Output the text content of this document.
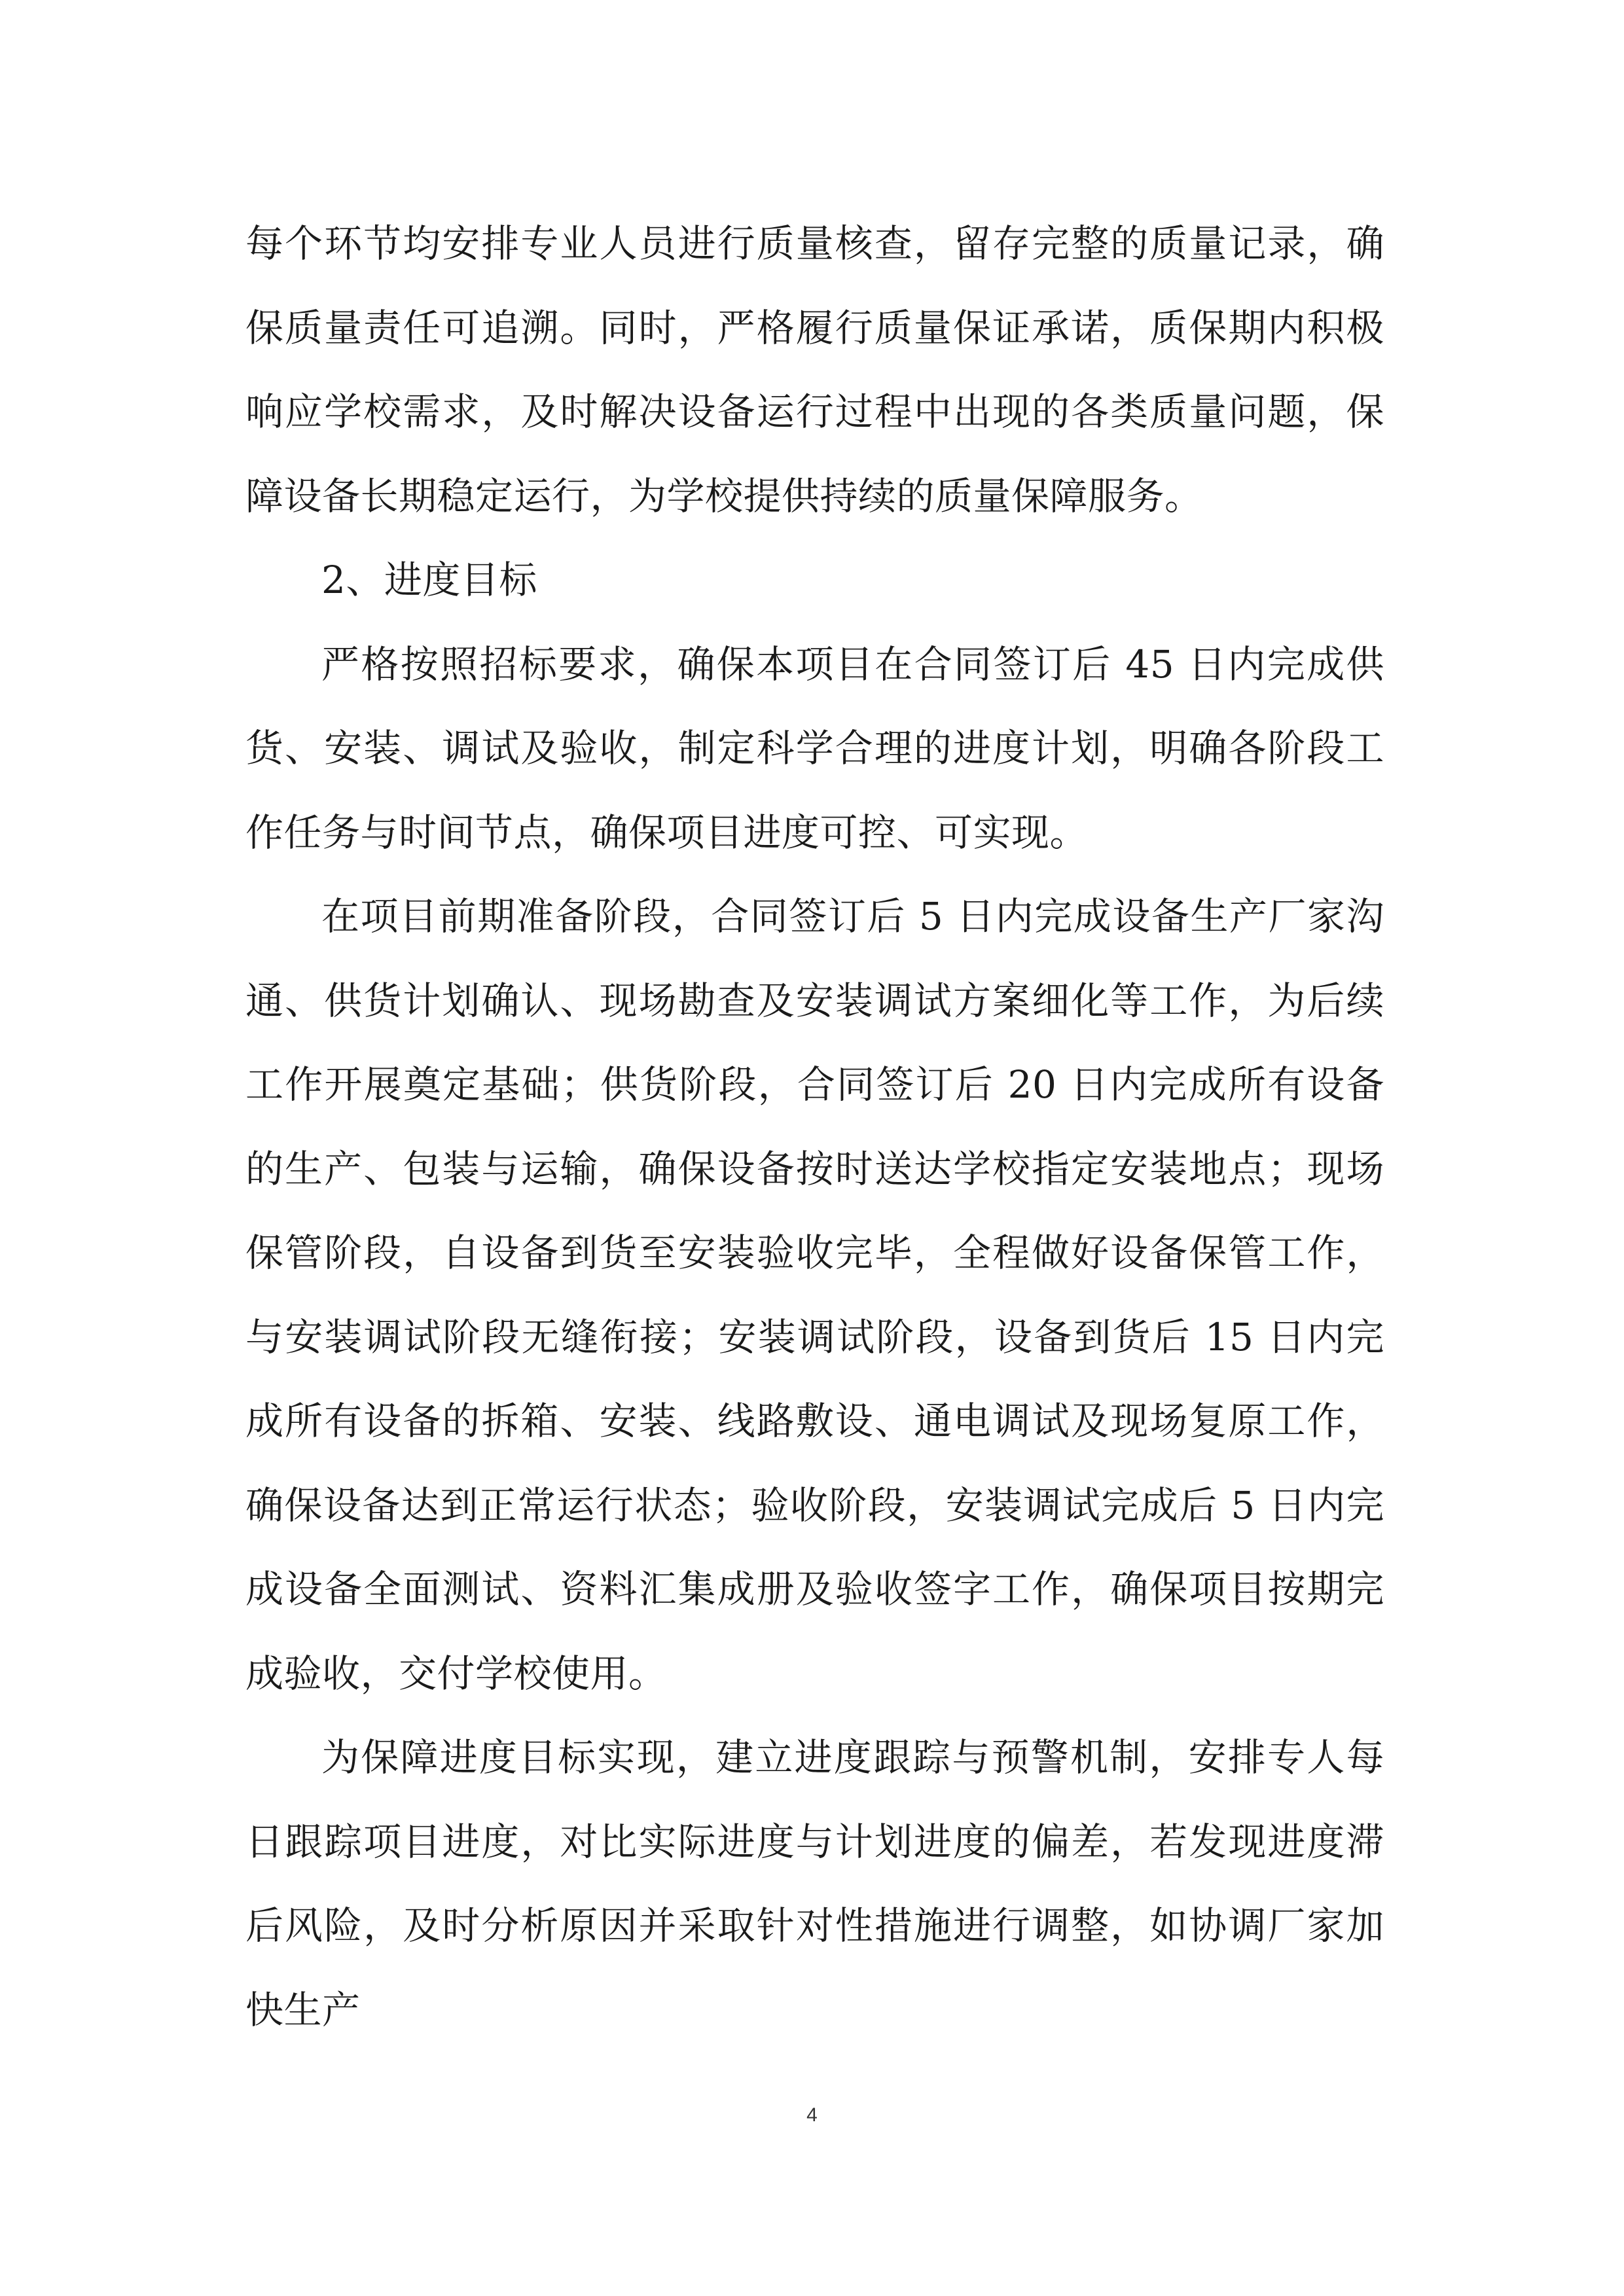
每个环节均安排专业人员进行质量核查，留存完整的质量记录，确保质量责任可追溯。同时，严格履行质量保证承诺，质保期内积极响应学校需求，及时解决设备运行过程中出现的各类质量问题，保障设备长期稳定运行，为学校提供持续的质量保障服务。

2、进度目标

严格按照招标要求，确保本项目在合同签订后 45 日内完成供货、安装、调试及验收，制定科学合理的进度计划，明确各阶段工作任务与时间节点，确保项目进度可控、可实现。

在项目前期准备阶段，合同签订后 5 日内完成设备生产厂家沟通、供货计划确认、现场勘查及安装调试方案细化等工作，为后续工作开展奠定基础；供货阶段，合同签订后 20 日内完成所有设备的生产、包装与运输，确保设备按时送达学校指定安装地点；现场保管阶段，自设备到货至安装验收完毕，全程做好设备保管工作，与安装调试阶段无缝衔接；安装调试阶段，设备到货后 15 日内完成所有设备的拆箱、安装、线路敷设、通电调试及现场复原工作，确保设备达到正常运行状态；验收阶段，安装调试完成后 5 日内完成设备全面测试、资料汇集成册及验收签字工作，确保项目按期完成验收，交付学校使用。

为保障进度目标实现，建立进度跟踪与预警机制，安排专人每日跟踪项目进度，对比实际进度与计划进度的偏差，若发现进度滞后风险，及时分析原因并采取针对性措施进行调整，如协调厂家加快生产

4
